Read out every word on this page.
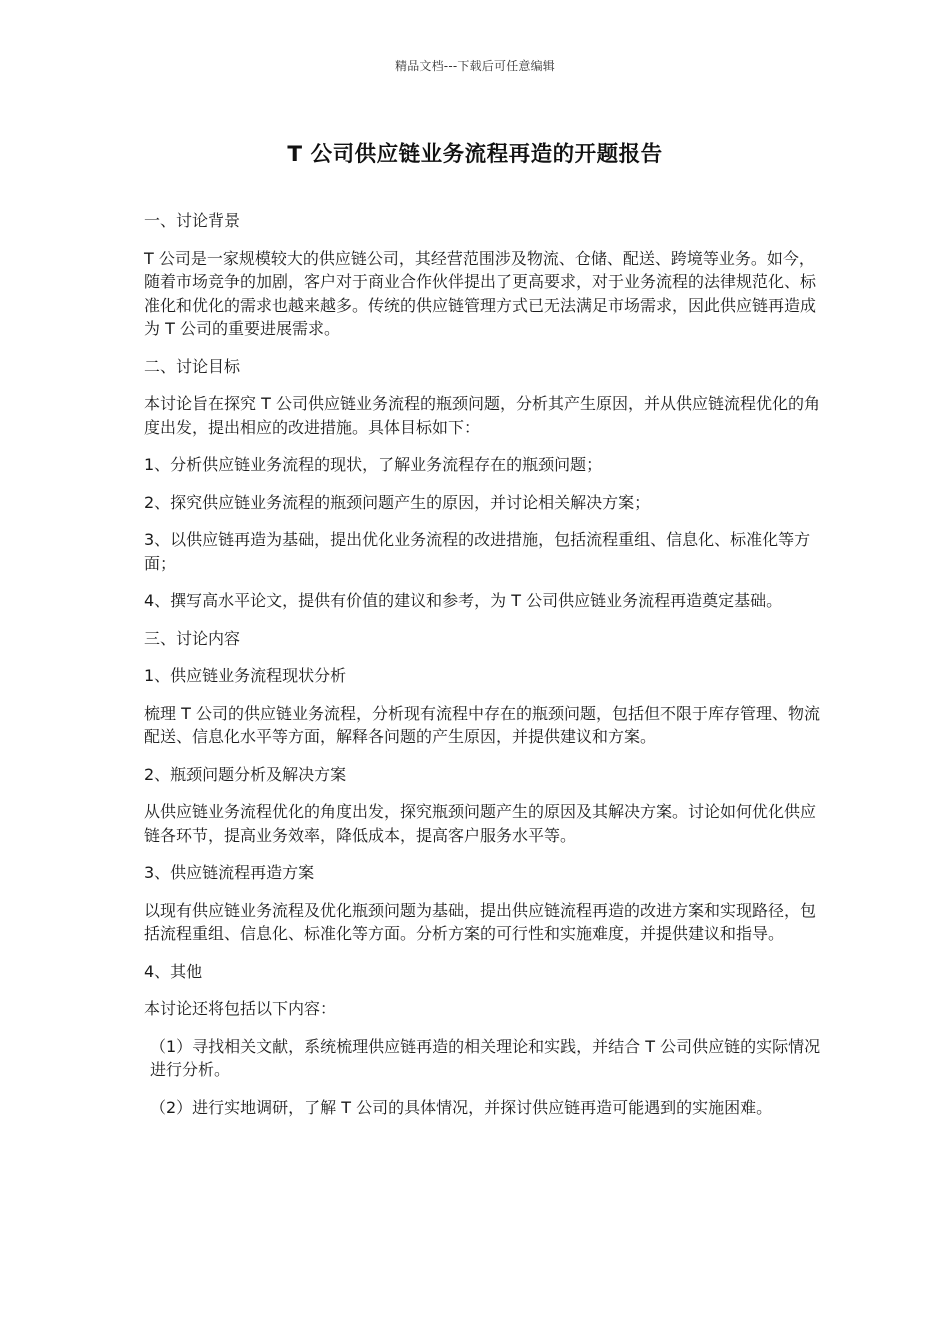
精品文档---下载后可任意编辑
T 公司供应链业务流程再造的开题报告

一、讨论背景

T 公司是一家规模较大的供应链公司，其经营范围涉及物流、仓储、配送、跨境等业务。如今，随着市场竞争的加剧，客户对于商业合作伙伴提出了更高要求，对于业务流程的法律规范化、标准化和优化的需求也越来越多。传统的供应链管理方式已无法满足市场需求，因此供应链再造成为 T 公司的重要进展需求。

二、讨论目标

本讨论旨在探究 T 公司供应链业务流程的瓶颈问题，分析其产生原因，并从供应链流程优化的角度出发，提出相应的改进措施。具体目标如下：

1、分析供应链业务流程的现状，了解业务流程存在的瓶颈问题；

2、探究供应链业务流程的瓶颈问题产生的原因，并讨论相关解决方案；

3、以供应链再造为基础，提出优化业务流程的改进措施，包括流程重组、信息化、标准化等方面；

4、撰写高水平论文，提供有价值的建议和参考，为 T 公司供应链业务流程再造奠定基础。

三、讨论内容

1、供应链业务流程现状分析

梳理 T 公司的供应链业务流程，分析现有流程中存在的瓶颈问题，包括但不限于库存管理、物流配送、信息化水平等方面，解释各问题的产生原因，并提供建议和方案。

2、瓶颈问题分析及解决方案

从供应链业务流程优化的角度出发，探究瓶颈问题产生的原因及其解决方案。讨论如何优化供应链各环节，提高业务效率，降低成本，提高客户服务水平等。

3、供应链流程再造方案

以现有供应链业务流程及优化瓶颈问题为基础，提出供应链流程再造的改进方案和实现路径，包括流程重组、信息化、标准化等方面。分析方案的可行性和实施难度，并提供建议和指导。

4、其他

本讨论还将包括以下内容：

（1）寻找相关文献，系统梳理供应链再造的相关理论和实践，并结合 T 公司供应链的实际情况进行分析。

（2）进行实地调研，了解 T 公司的具体情况，并探讨供应链再造可能遇到的实施困难。
